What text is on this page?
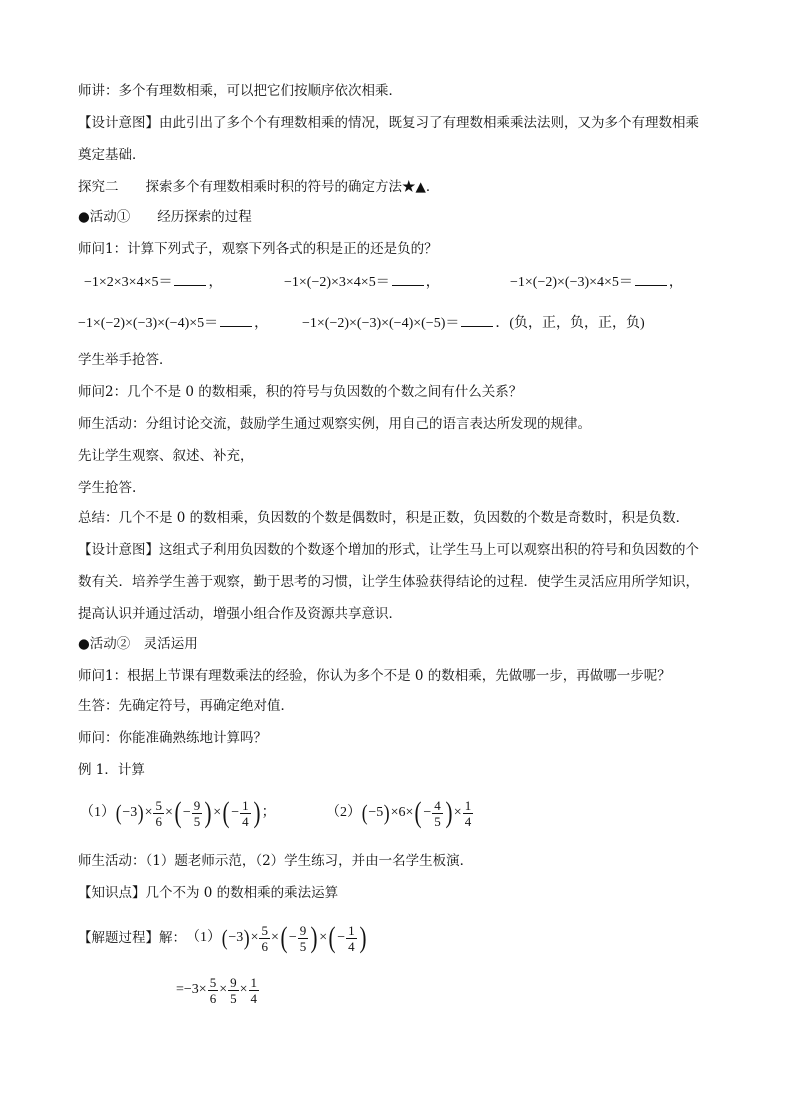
师讲：多个有理数相乘，可以把它们按顺序依次相乘．
【设计意图】由此引出了多个个有理数相乘的情况，既复习了有理数相乘乘法法则，又为多个有理数相乘
奠定基础．
探究二　　探索多个有理数相乘时积的符号的确定方法★▲．
●活动①　　经历探索的过程
师问1：计算下列式子，观察下列各式的积是正的还是负的？
−1×2×3×4×5＝	，	−1×(−2)×3×4×5＝	，	−1×(−2)×(−3)×4×5＝	，
−1×(−2)×(−3)×(−4)×5＝	， −1×(−2)×(−3)×(−4)×(−5)＝	．(负，正，负，正，负)
学生举手抢答．
师问2：几个不是 0 的数相乘，积的符号与负因数的个数之间有什么关系？
师生活动：分组讨论交流，鼓励学生通过观察实例，用自己的语言表达所发现的规律。
先让学生观察、叙述、补充，
学生抢答.
总结：几个不是 0 的数相乘，负因数的个数是偶数时，积是正数，负因数的个数是奇数时，积是负数．
【设计意图】这组式子利用负因数的个数逐个增加的形式，让学生马上可以观察出积的符号和负因数的个
数有关．培养学生善于观察，勤于思考的习惯，让学生体验获得结论的过程．使学生灵活应用所学知识，
提高认识并通过活动，增强小组合作及资源共享意识．
●活动②　灵活运用
师问1：根据上节课有理数乘法的经验，你认为多个不是 0 的数相乘，先做哪一步，再做哪一步呢？
生答：先确定符号，再确定绝对值．
师问：你能准确熟练地计算吗？
例 1．计算
（1） ( −3 ) × $\frac{5}{6}$ × ( − $\frac{9}{5}$ ) × ( − $\frac{1}{4}$ ) ；	（2） ( −5 ) × 6 × ( − $\frac{4}{5}$ ) × $\frac{1}{4}$
师生活动：（1）题老师示范，（2）学生练习，并由一名学生板演．
【知识点】几个不为 0 的数相乘的乘法运算
【解题过程】解： （1） ( −3 ) × $\frac{5}{6}$ × ( − $\frac{9}{5}$ ) × ( − $\frac{1}{4}$ )
$=-3\times \frac{5}{6} \times \frac{9}{5} \times \frac{1}{4}$
